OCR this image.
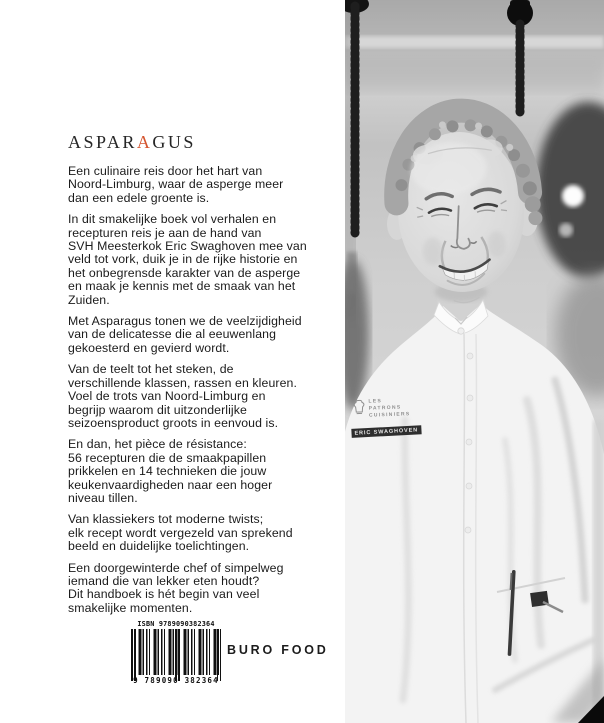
ASPARAGUS

Een culinaire reis door het hart van
Noord-Limburg, waar de asperge meer
dan een edele groente is.

In dit smakelijke boek vol verhalen en
recepturen reis je aan de hand van
SVH Meesterkok Eric Swaghoven mee van
veld tot vork, duik je in de rijke historie en
het onbegrensde karakter van de asperge
en maak je kennis met de smaak van het
Zuiden.

Met Asparagus tonen we de veelzijdigheid
van de delicatesse die al eeuwenlang
gekoesterd en gevierd wordt.

Van de teelt tot het steken, de
verschillende klassen, rassen en kleuren.
Voel de trots van Noord-Limburg en
begrijp waarom dit uitzonderlijke
seizoensproduct groots in eenvoud is.

En dan, het pièce de résistance:
56 recepturen die de smaakpapillen
prikkelen en 14 technieken die jouw
keukenvaardigheden naar een hoger
niveau tillen.

Van klassiekers tot moderne twists;
elk recept wordt vergezeld van sprekend
beeld en duidelijke toelichtingen.

Een doorgewinterde chef of simpelweg
iemand die van lekker eten houdt?
Dit handboek is hét begin van veel
smakelijke momenten.

ISBN 9789090382364
9 789090 382364
BURO FOOD
LES
PATRONS
CUISINIERS
ERIC SWAGHOVEN
